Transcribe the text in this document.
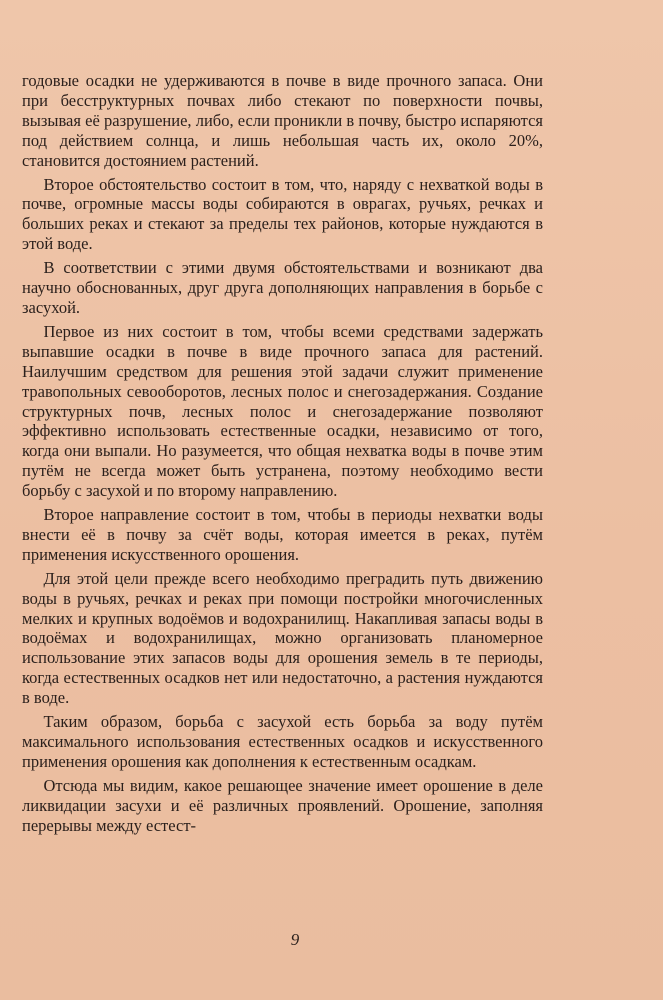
годовые осадки не удерживаются в почве в виде прочного запаса. Они при бесструктурных почвах либо стекают по поверхности почвы, вызывая её разрушение, либо, если проникли в почву, быстро испаряются под действием солнца, и лишь небольшая часть их, около 20%, становится достоянием растений.

Второе обстоятельство состоит в том, что, наряду с нехваткой воды в почве, огромные массы воды собираются в оврагах, ручьях, речках и больших реках и стекают за пределы тех районов, которые нуждаются в этой воде.

В соответствии с этими двумя обстоятельствами и возникают два научно обоснованных, друг друга дополняющих направления в борьбе с засухой.

Первое из них состоит в том, чтобы всеми средствами задержать выпавшие осадки в почве в виде прочного запаса для растений. Наилучшим средством для решения этой задачи служит применение травопольных севооборотов, лесных полос и снегозадержания. Создание структурных почв, лесных полос и снегозадержание позволяют эффективно использовать естественные осадки, независимо от того, когда они выпали. Но разумеется, что общая нехватка воды в почве этим путём не всегда может быть устранена, поэтому необходимо вести борьбу с засухой и по второму направлению.

Второе направление состоит в том, чтобы в периоды нехватки воды внести её в почву за счёт воды, которая имеется в реках, путём применения искусственного орошения.

Для этой цели прежде всего необходимо преградить путь движению воды в ручьях, речках и реках при помощи постройки многочисленных мелких и крупных водоёмов и водохранилищ. Накапливая запасы воды в водоёмах и водохранилищах, можно организовать планомерное использование этих запасов воды для орошения земель в те периоды, когда естественных осадков нет или недостаточно, а растения нуждаются в воде.

Таким образом, борьба с засухой есть борьба за воду путём максимального использования естественных осадков и искусственного применения орошения как дополнения к естественным осадкам.

Отсюда мы видим, какое решающее значение имеет орошение в деле ликвидации засухи и её различных проявлений. Орошение, заполняя перерывы между естест-

9
